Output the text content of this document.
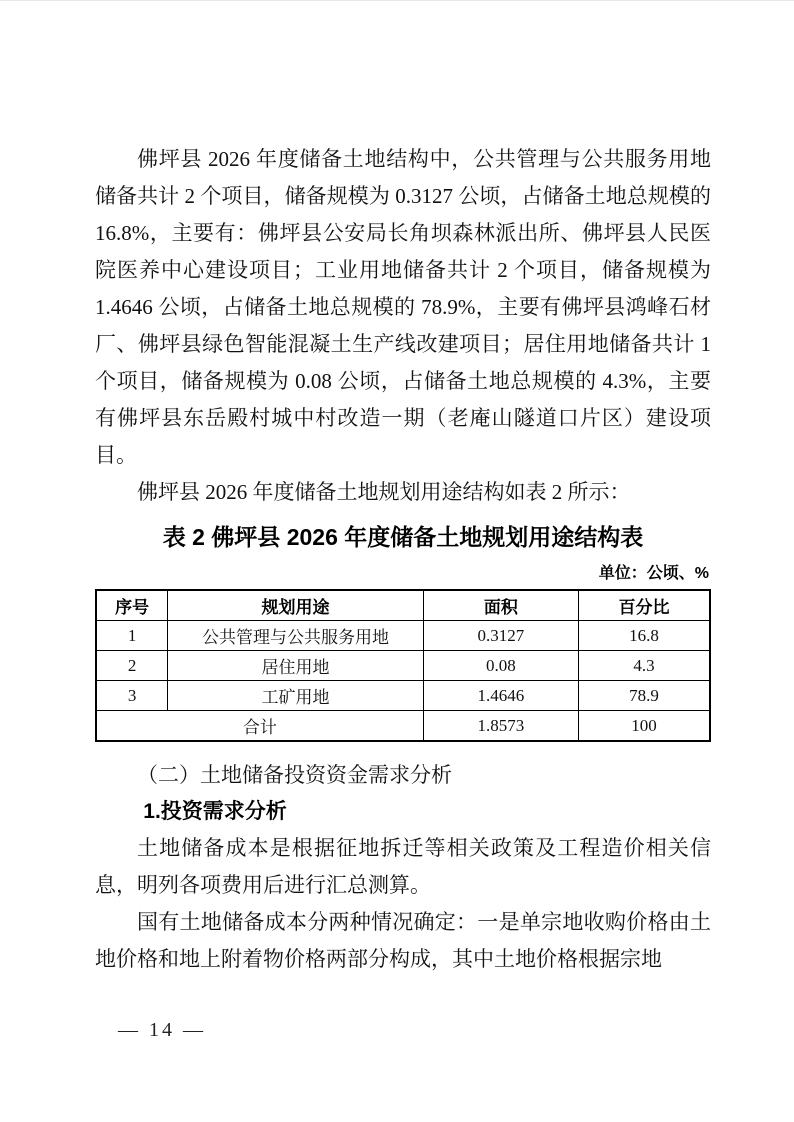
佛坪县 2026 年度储备土地结构中，公共管理与公共服务用地储备共计 2 个项目，储备规模为 0.3127 公顷，占储备土地总规模的 16.8%，主要有：佛坪县公安局长角坝森林派出所、佛坪县人民医院医养中心建设项目；工业用地储备共计 2 个项目，储备规模为 1.4646 公顷，占储备土地总规模的 78.9%，主要有佛坪县鸿峰石材厂、佛坪县绿色智能混凝土生产线改建项目；居住用地储备共计 1 个项目，储备规模为 0.08 公顷，占储备土地总规模的 4.3%，主要有佛坪县东岳殿村城中村改造一期（老庵山隧道口片区）建设项目。

佛坪县 2026 年度储备土地规划用途结构如表 2 所示：

表 2 佛坪县 2026 年度储备土地规划用途结构表
单位：公顷、%
序号	规划用途	面积	百分比
1	公共管理与公共服务用地	0.3127	16.8
2	居住用地	0.08	4.3
3	工矿用地	1.4646	78.9
合计		1.8573	100

（二）土地储备投资资金需求分析

1.投资需求分析

土地储备成本是根据征地拆迁等相关政策及工程造价相关信息，明列各项费用后进行汇总测算。

国有土地储备成本分两种情况确定：一是单宗地收购价格由土地价格和地上附着物价格两部分构成，其中土地价格根据宗地

— 14 —
